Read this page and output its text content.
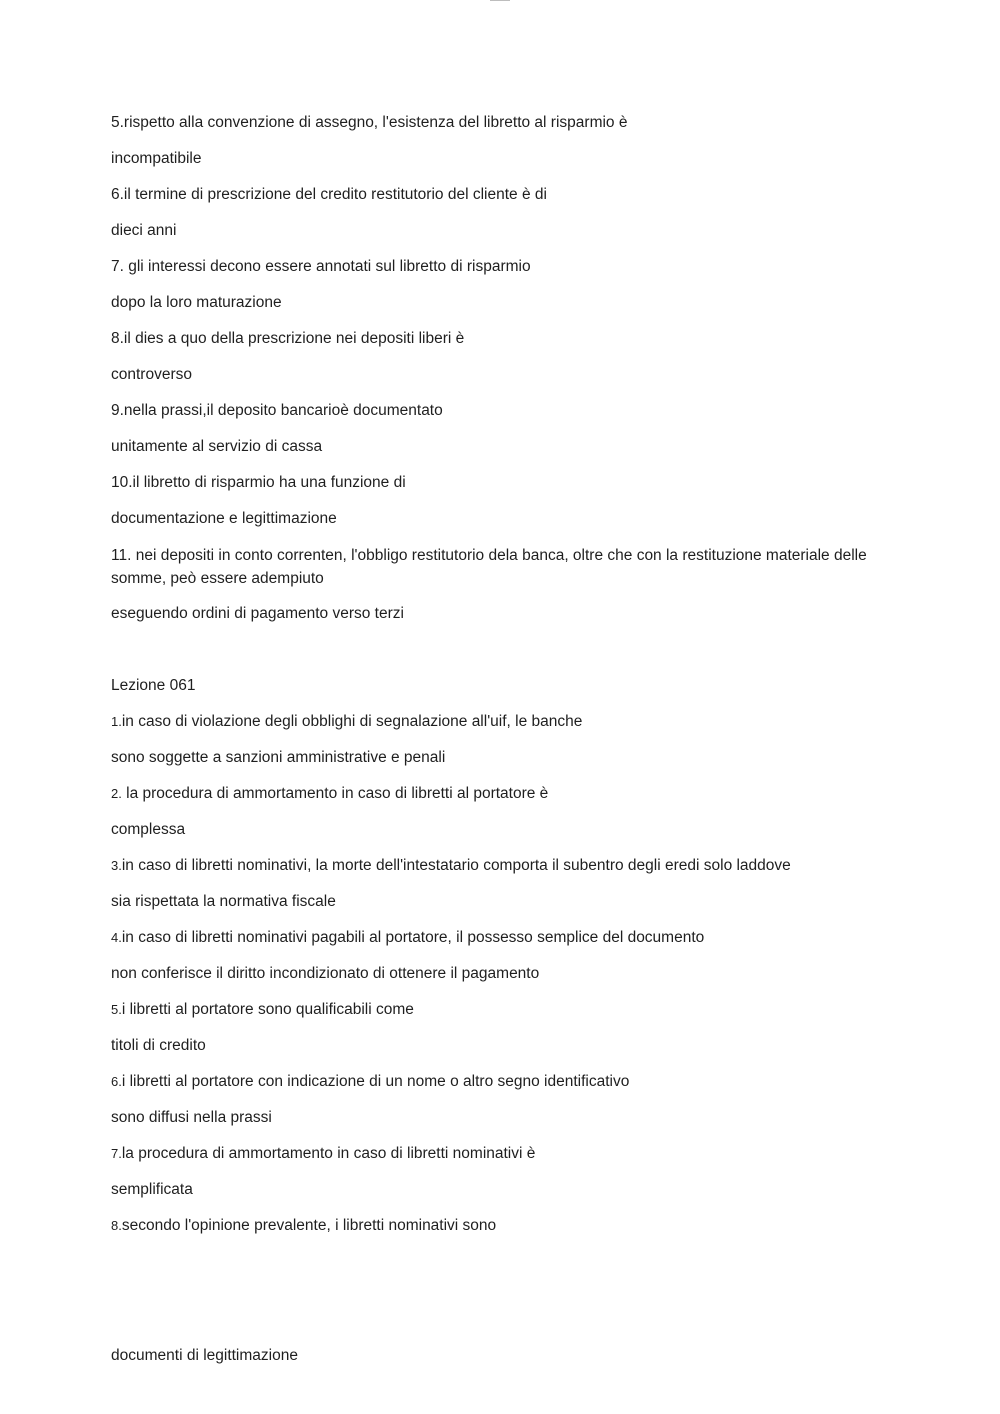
5.rispetto alla convenzione di assegno, l'esistenza del libretto al risparmio è
incompatibile
6.il termine di prescrizione del credito restitutorio del cliente è di
dieci anni
7. gli interessi decono essere annotati sul libretto di risparmio
dopo la loro maturazione
8.il dies a quo della prescrizione nei depositi liberi è
controverso
9.nella prassi,il deposito bancarioè documentato
unitamente al servizio di cassa
10.il libretto di risparmio ha una funzione di
documentazione e legittimazione
11. nei depositi in conto correnten, l'obbligo restitutorio dela banca, oltre che con la restituzione materiale delle somme, peò essere adempiuto
eseguendo ordini di pagamento verso terzi
Lezione 061
1.in caso di violazione degli obblighi di segnalazione all'uif, le banche
sono soggette a sanzioni amministrative e penali
2. la procedura di ammortamento in caso di libretti al portatore è
complessa
3.in caso di libretti nominativi, la morte dell'intestatario comporta il subentro degli eredi solo laddove
sia rispettata la normativa fiscale
4.in caso di libretti nominativi pagabili al portatore, il possesso semplice del documento
non conferisce il diritto incondizionato di ottenere il pagamento
5.i libretti al portatore sono qualificabili come
titoli di credito
6.i libretti al portatore con indicazione di un nome o altro segno identificativo
sono diffusi nella prassi
7.la procedura di ammortamento in caso di libretti nominativi è
semplificata
8.secondo l'opinione prevalente, i libretti nominativi sono
documenti di legittimazione
